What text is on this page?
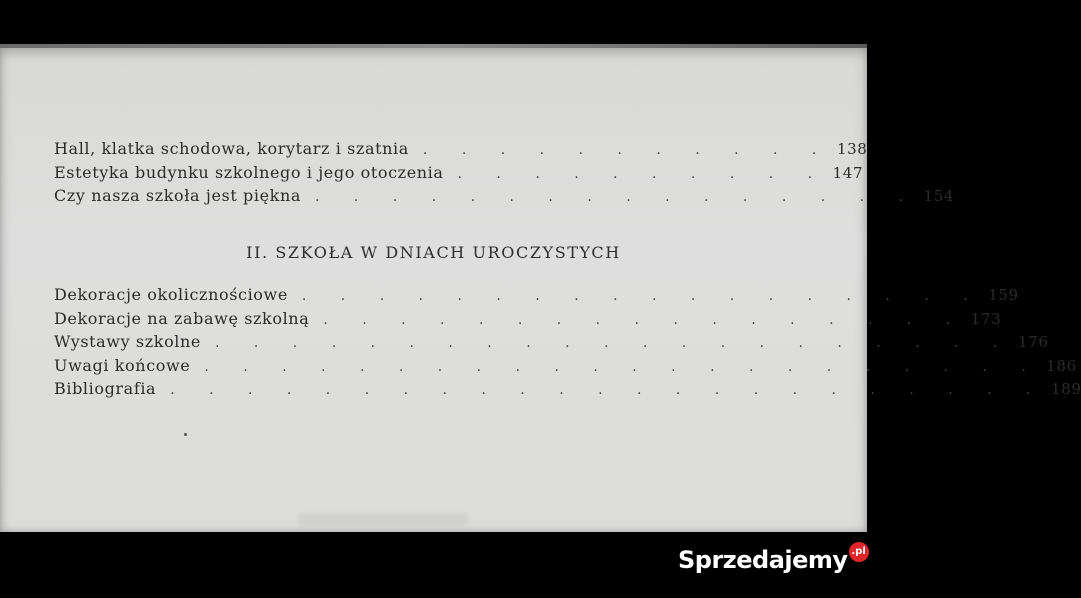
Hall, klatka schodowa, korytarz i szatnia	. . . . . . . . . . . 138
Estetyka budynku szkolnego i jego otoczenia	. . . . . . . . . . 147
Czy nasza szkoła jest piękna	. . . . . . . . . . . . . . . . 154
II. SZKOŁA W DNIACH UROCZYSTYCH
Dekoracje okolicznościowe	. . . . . . . . . . . . . . . . . . 159
Dekoracje na zabawę szkolną	. . . . . . . . . . . . . . . . . 173
Wystawy szkolne	. . . . . . . . . . . . . . . . . . . . . 176
Uwagi końcowe	. . . . . . . . . . . . . . . . . . . . . . 186
Bibliografia	. . . . . . . . . . . . . . . . . . . . . . . 189
Sprzedajemy .pl
